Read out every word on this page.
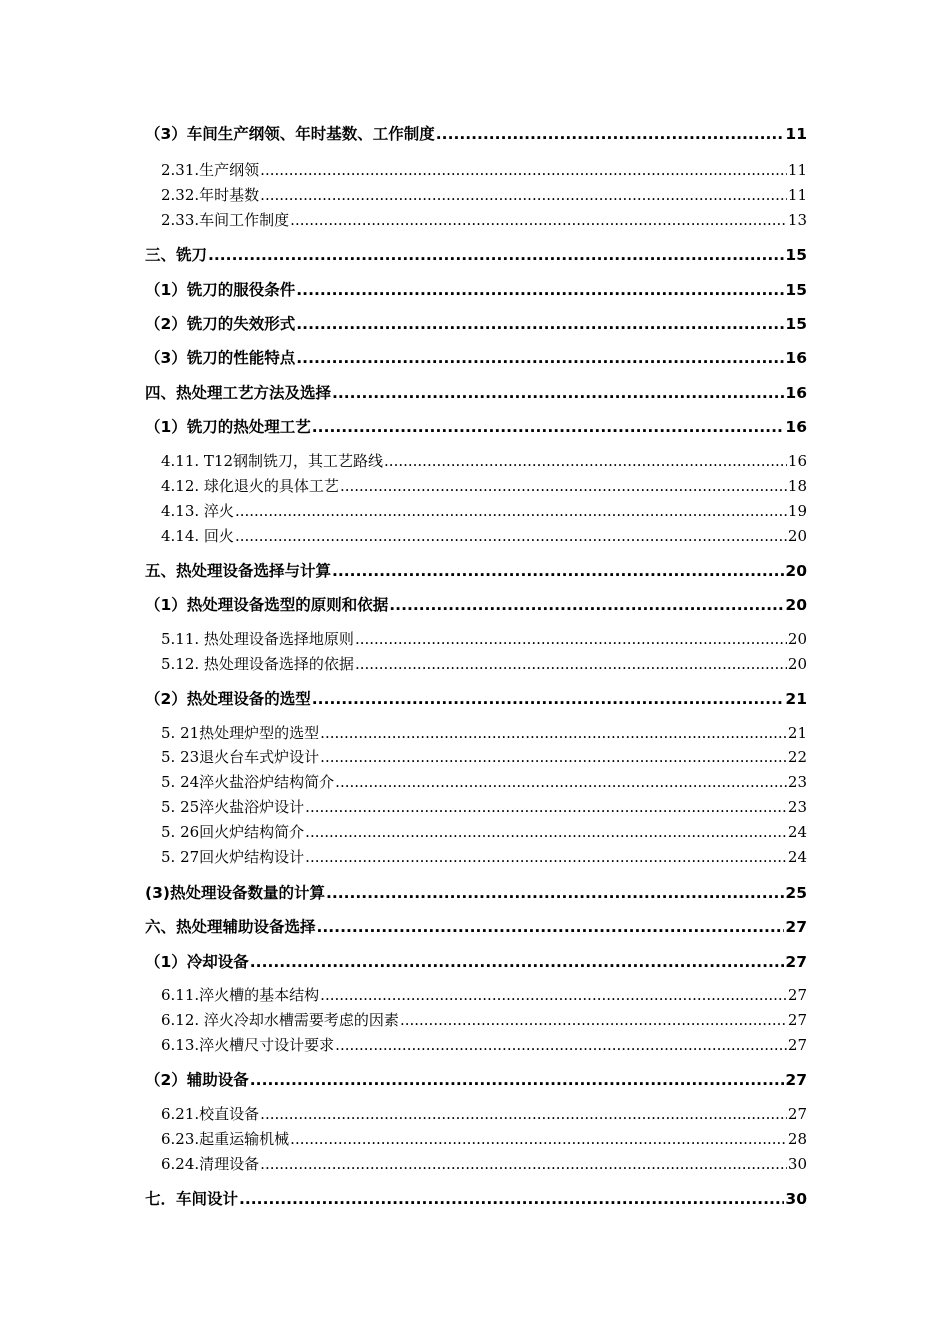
（3）车间生产纲领、年时基数、工作制度 .....	11
2.31.生产纲领 .....	11
2.32.年时基数 .....	11
2.33.车间工作制度 .....	13
三、铣刀 .....	15
（1）铣刀的服役条件 .....	15
（2）铣刀的失效形式 .....	15
（3）铣刀的性能特点 .....	16
四、热处理工艺方法及选择 .....	16
（1）铣刀的热处理工艺 .....	16
4.11. T12钢制铣刀，其工艺路线 .....	16
4.12. 球化退火的具体工艺 .....	18
4.13. 淬火 .....	19
4.14. 回火 .....	20
五、热处理设备选择与计算 .....	20
（1）热处理设备选型的原则和依据 .....	20
5.11. 热处理设备选择地原则 .....	20
5.12. 热处理设备选择的依据 .....	20
（2）热处理设备的选型 .....	21
5. 21热处理炉型的选型 .....	21
5. 23退火台车式炉设计 .....	22
5. 24淬火盐浴炉结构简介 .....	23
5. 25淬火盐浴炉设计 .....	23
5. 26回火炉结构简介 .....	24
5. 27回火炉结构设计 .....	24
(3)热处理设备数量的计算 .....	25
六、热处理辅助设备选择 .....	27
（1）冷却设备 .....	27
6.11.淬火槽的基本结构 .....	27
6.12. 淬火冷却水槽需要考虑的因素 .....	27
6.13.淬火槽尺寸设计要求 .....	27
（2）辅助设备 .....	27
6.21.校直设备 .....	27
6.23.起重运输机械 .....	28
6.24.清理设备 .....	30
七．车间设计 .....	30
